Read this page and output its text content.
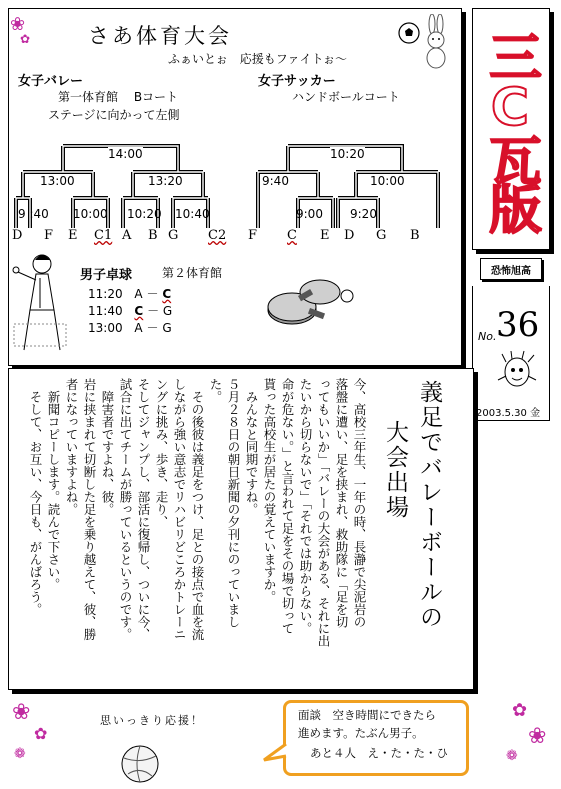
❀
✿	さあ体育大会
ふぁいとぉ　応援もファイトぉ～
女子バレー
第一体育館　 Bコート
ステージに向かって左側
女子サッカー
ハンドボールコート
14:00
13:00	13:20
9 :40 10:00 10:20 10:40
D F E C1 A B G C2
10:20
9:40	10:00
9:00 9:20
F C E D G B
男子卓球 第２体育館
11:20 A － C
11:40 C － G
13:00 A － G
三C瓦版
恐怖旭高
No. 36
2003.5.30 金
義足でバレーボールの
大会出場
今、高校三年生、一年の時、長瀞で尖泥岩の
落盤に遭い、足を挟まれ、救助隊に「足を切
ってもいいか」「バレーの大会がある、それに出
たいから切らないで」「それでは助からない。
命が危ない。」と言われて足をその場で切って
貰った高校生が居たの覚えていますか。
　みんなと同期ですね。
５月２８日の朝日新聞の夕刊にのっていまし
た。
　その後彼は義足をつけ、足との接点で血を流
しながら強い意志でリハビリどころかトレーニ
ングに挑み、歩き、走り、
そしてジャンプし、部活に復帰し、ついに今、
試合に出てチームが勝っているというのです。
　障害者ですよね、彼。
岩に挟まれて切断した足を乗り越えて、彼、勝
者になっていますよね。
　新聞コピーします。読んで下さい。
　そして、お互い、今日も、がんばろう。
❀
✿
❁
思いっきり応援！	面談　空き時間にできたら
進めます。たぶん男子。
あと４人　え・た・た・ひ
✿
❀
❁
